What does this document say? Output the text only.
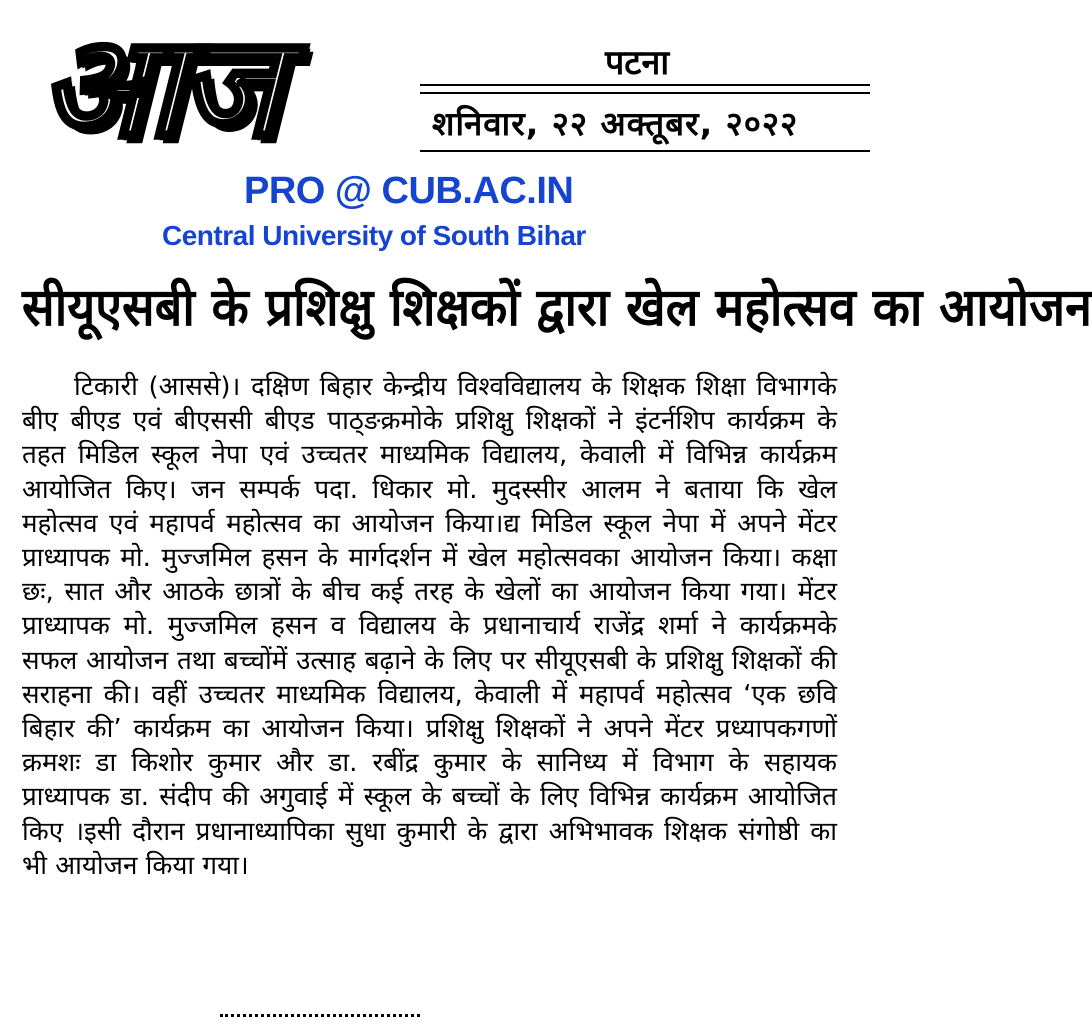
आज	पटना
शनिवार, २२ अक्तूबर, २०२२
PRO @ CUB.AC.IN
Central University of South Bihar
सीयूएसबी के प्रशिक्षु शिक्षकों द्वारा खेल महोत्सव का आयोजन
टिकारी (आससे)। दक्षिण बिहार केन्द्रीय विश्वविद्यालय के शिक्षक शिक्षा विभागके बीए बीएड एवं बीएससी बीएड पाठ्ङक्रमोके प्रशिक्षु शिक्षकों ने इंटर्नशिप कार्यक्रम के तहत मिडिल स्कूल नेपा एवं उच्चतर माध्यमिक विद्यालय, केवाली में विभिन्न कार्यक्रम आयोजित किए। जन सम्पर्क पदा. धिकार मो. मुदस्सीर आलम ने बताया कि खेल महोत्सव एवं महापर्व महोत्सव का आयोजन किया।द्य मिडिल स्कूल नेपा में अपने मेंटर प्राध्यापक मो. मुज्जमिल हसन के मार्गदर्शन में खेल महोत्सवका आयोजन किया। कक्षा छः, सात और आठके छात्रों के बीच कई तरह के खेलों का आयोजन किया गया। मेंटर प्राध्यापक मो. मुज्जमिल हसन व विद्यालय के प्रधानाचार्य राजेंद्र शर्मा ने कार्यक्रमके सफल आयोजन तथा बच्चोंमें उत्साह बढ़ाने के लिए पर सीयूएसबी के प्रशिक्षु शिक्षकों की सराहना की। वहीं उच्चतर माध्यमिक विद्यालय, केवाली में महापर्व महोत्सव ‘एक छवि बिहार की’ कार्यक्रम का आयोजन किया। प्रशिक्षु शिक्षकों ने अपने मेंटर प्रध्यापकगणों क्रमशः डा किशोर कुमार और डा. रबींद्र कुमार के सानिध्य में विभाग के सहायक प्राध्यापक डा. संदीप की अगुवाई में स्कूल के बच्चों के लिए विभिन्न कार्यक्रम आयोजित किए ।इसी दौरान प्रधानाध्यापिका सुधा कुमारी के द्वारा अभिभावक शिक्षक संगोष्ठी का भी आयोजन किया गया।
